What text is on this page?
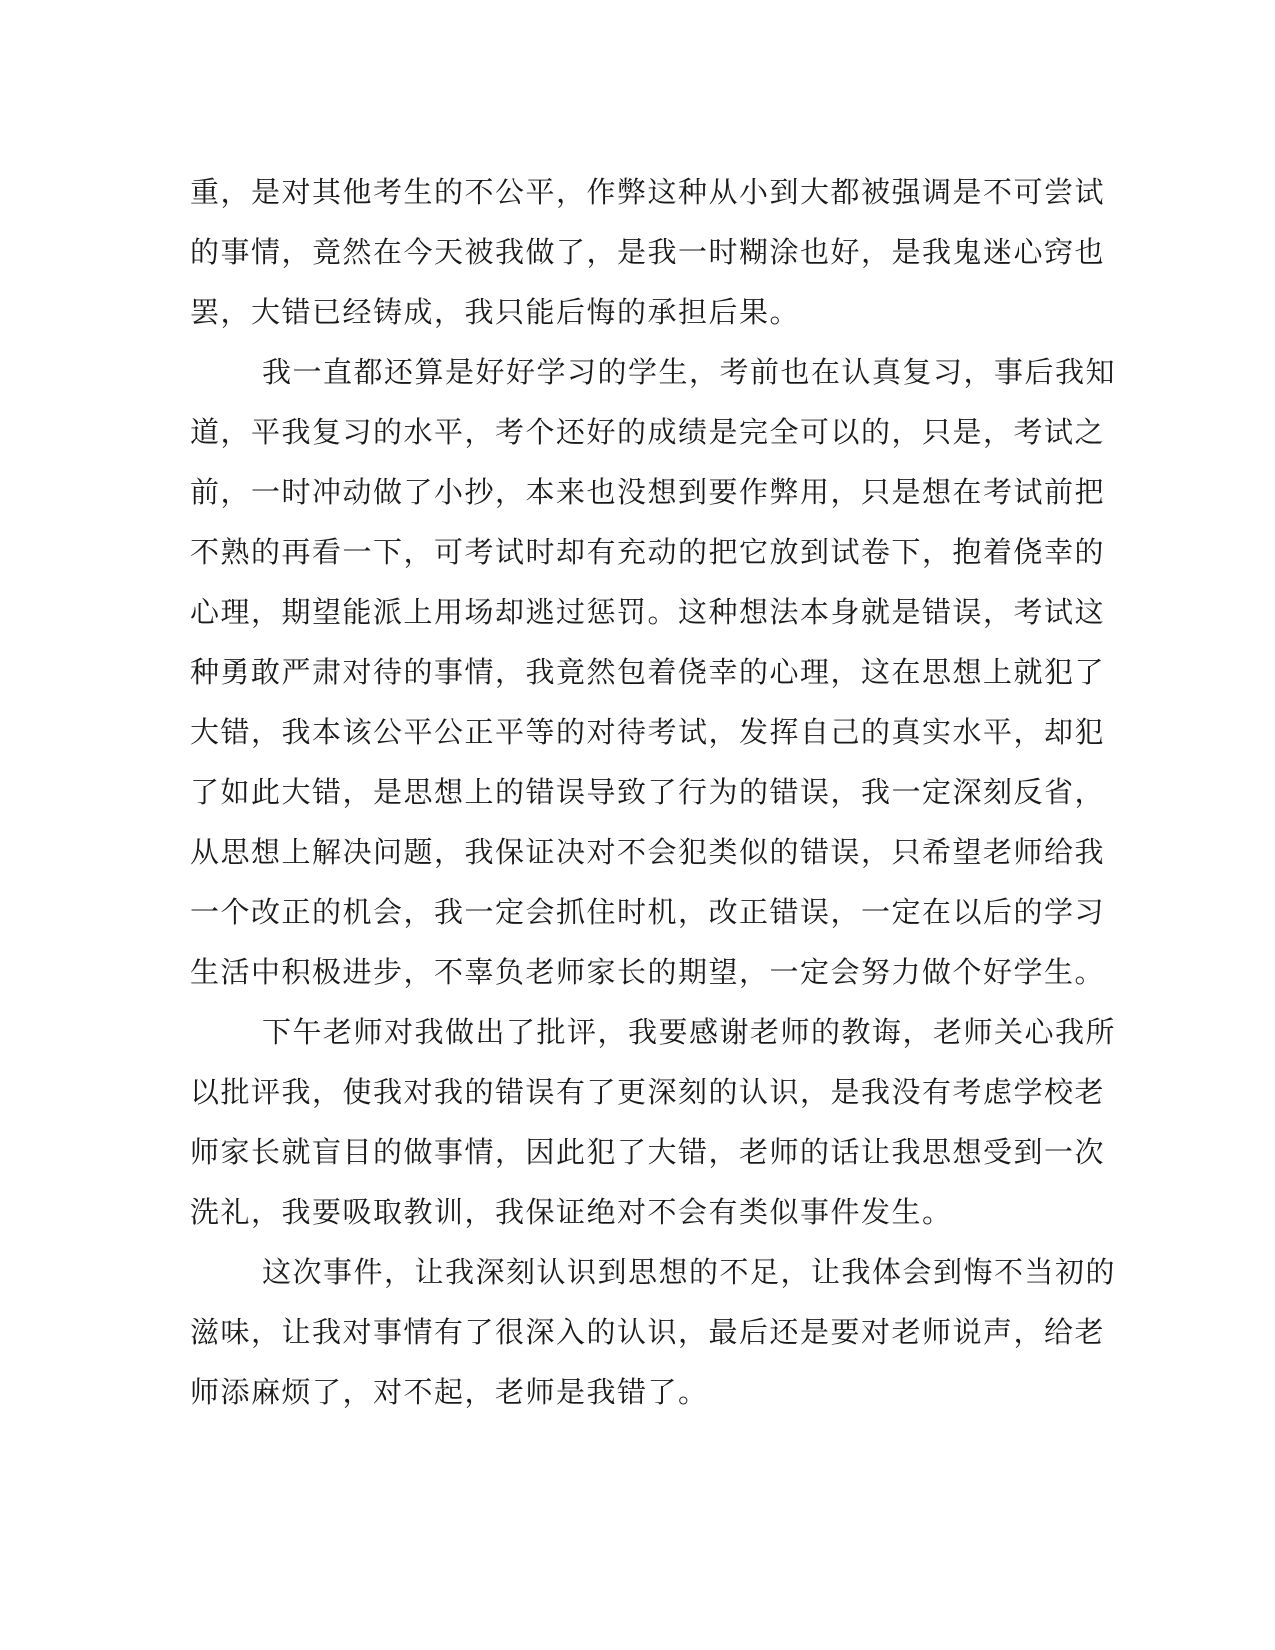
重，是对其他考生的不公平，作弊这种从小到大都被强调是不可尝试
的事情，竟然在今天被我做了，是我一时糊涂也好，是我鬼迷心窍也
罢，大错已经铸成，我只能后悔的承担后果。
我一直都还算是好好学习的学生，考前也在认真复习，事后我知
道，平我复习的水平，考个还好的成绩是完全可以的，只是，考试之
前，一时冲动做了小抄，本来也没想到要作弊用，只是想在考试前把
不熟的再看一下，可考试时却有充动的把它放到试卷下，抱着侥幸的
心理，期望能派上用场却逃过惩罚。这种想法本身就是错误，考试这
种勇敢严肃对待的事情，我竟然包着侥幸的心理，这在思想上就犯了
大错，我本该公平公正平等的对待考试，发挥自己的真实水平，却犯
了如此大错，是思想上的错误导致了行为的错误，我一定深刻反省，
从思想上解决问题，我保证决对不会犯类似的错误，只希望老师给我
一个改正的机会，我一定会抓住时机，改正错误，一定在以后的学习
生活中积极进步，不辜负老师家长的期望，一定会努力做个好学生。
下午老师对我做出了批评，我要感谢老师的教诲，老师关心我所
以批评我，使我对我的错误有了更深刻的认识，是我没有考虑学校老
师家长就盲目的做事情，因此犯了大错，老师的话让我思想受到一次
洗礼，我要吸取教训，我保证绝对不会有类似事件发生。
这次事件，让我深刻认识到思想的不足，让我体会到悔不当初的
滋味，让我对事情有了很深入的认识，最后还是要对老师说声，给老
师添麻烦了，对不起，老师是我错了。
